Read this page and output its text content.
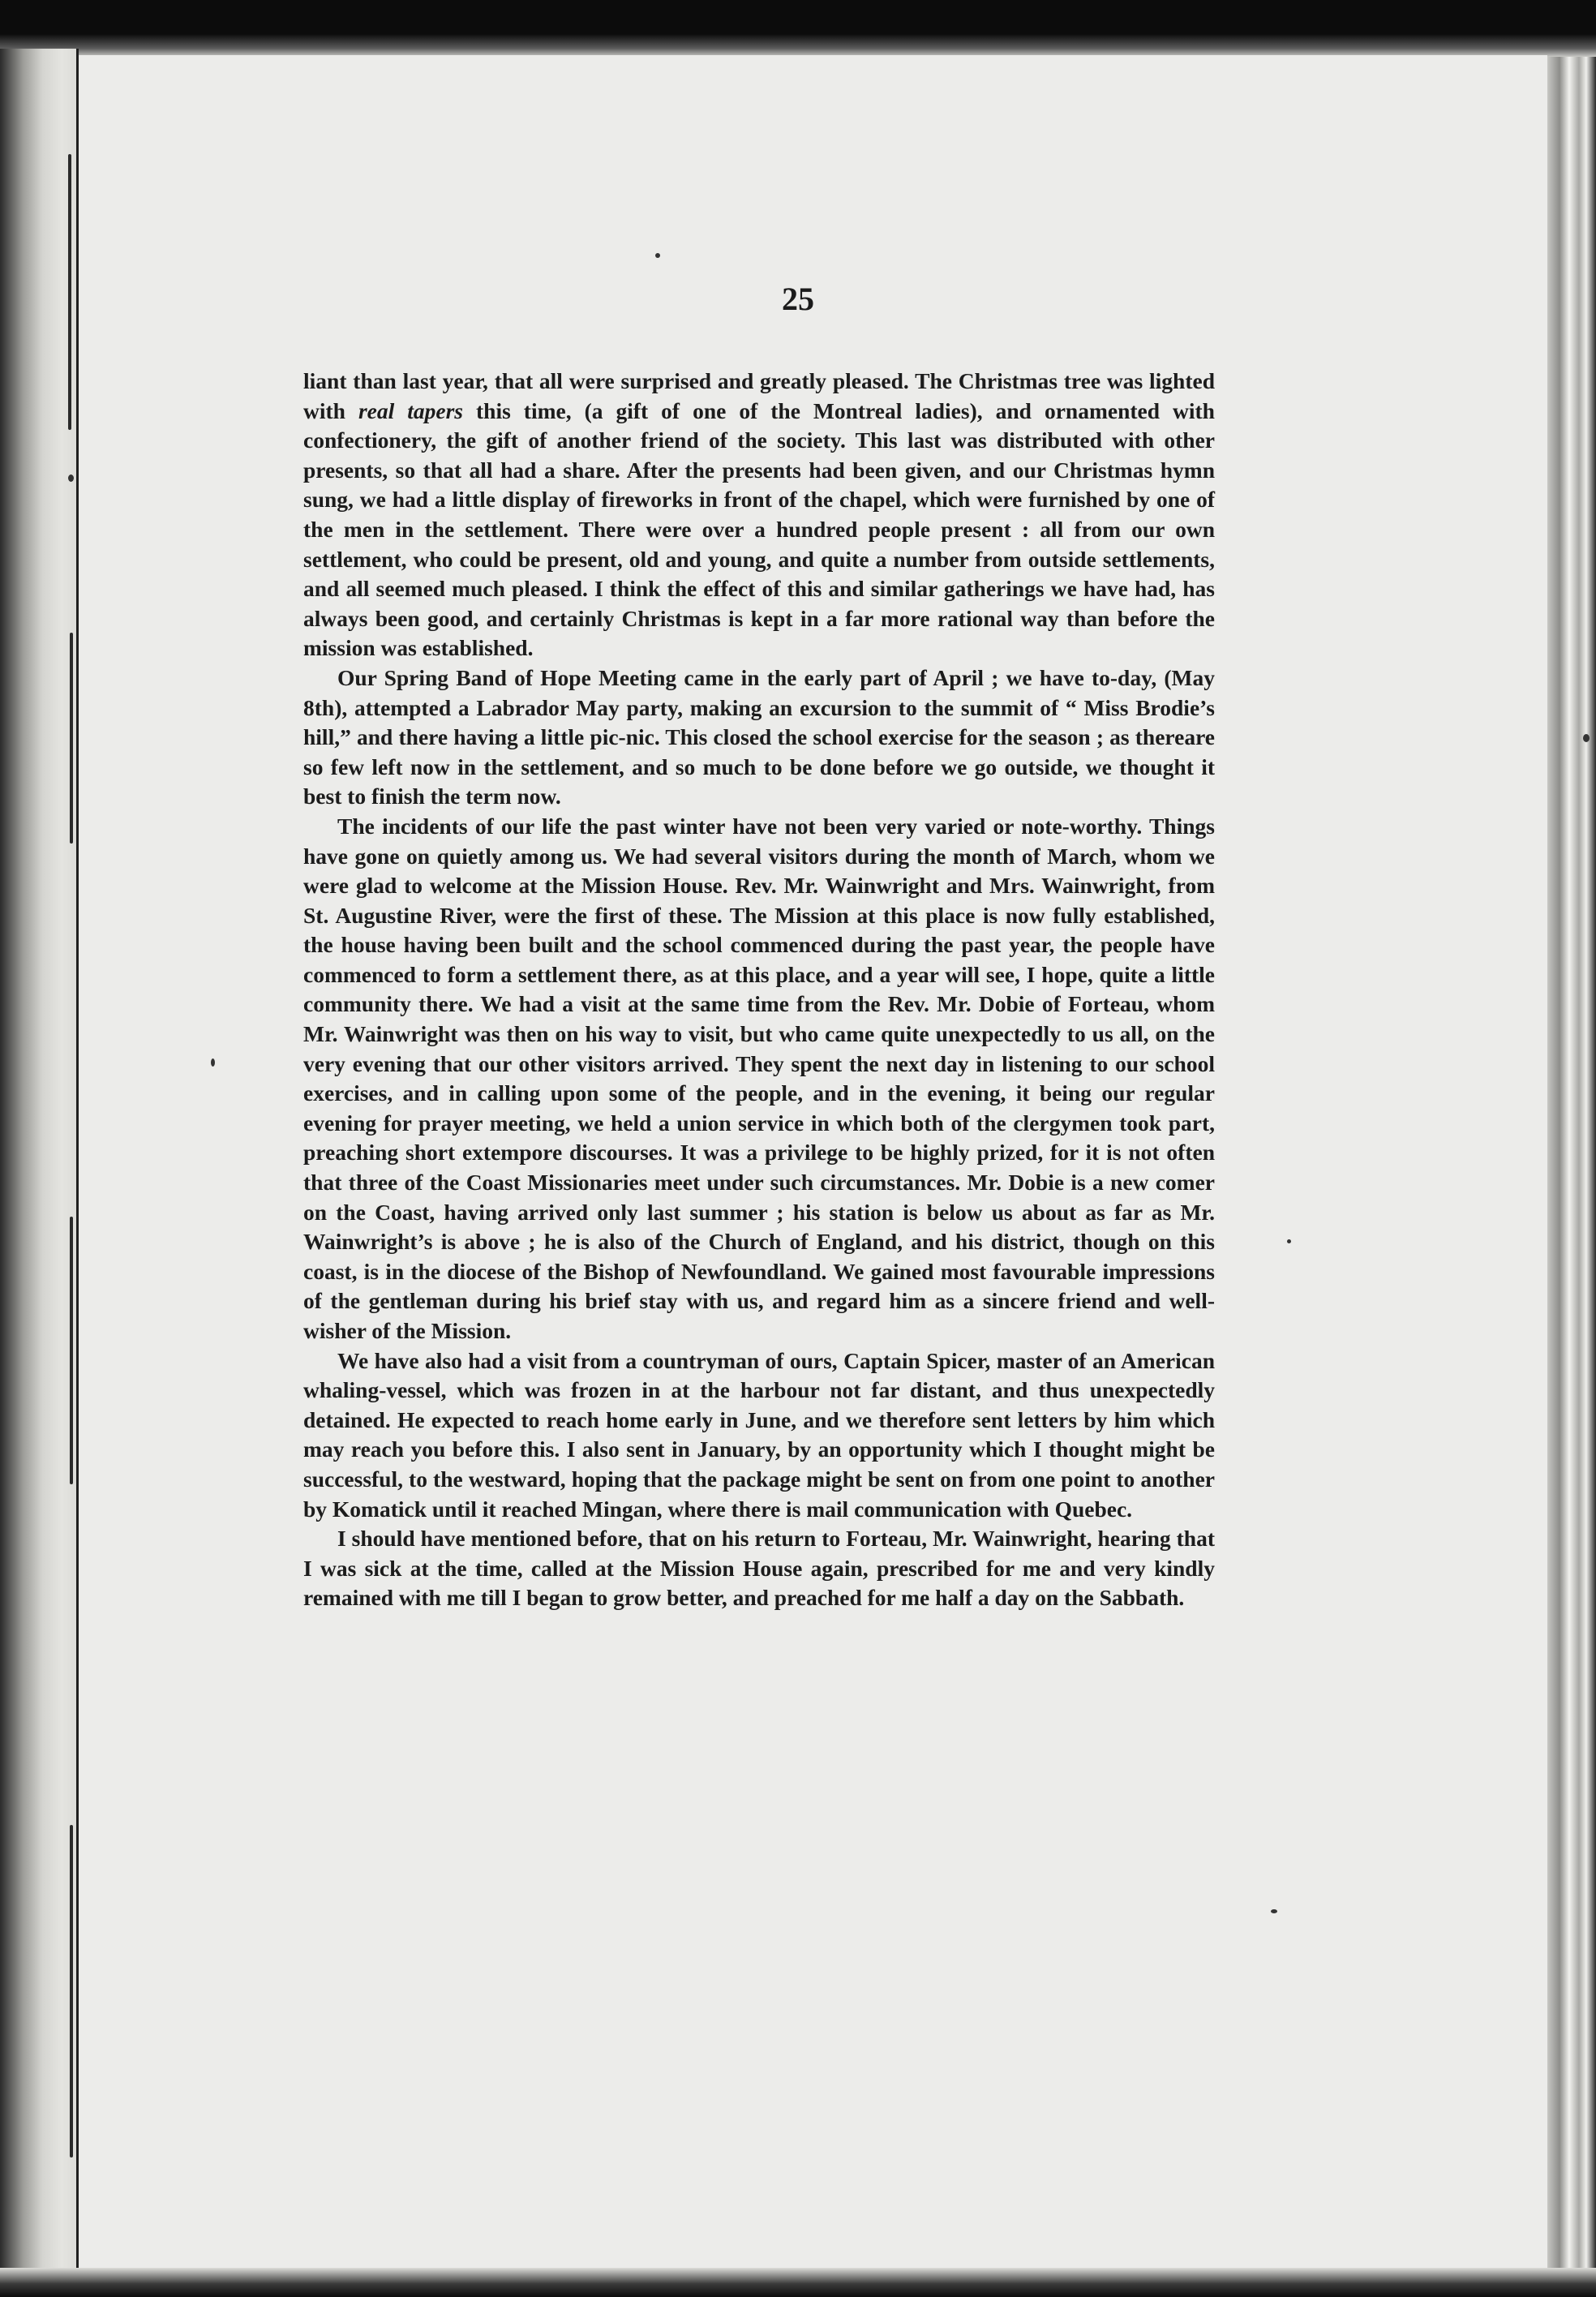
25

liant than last year, that all were surprised and greatly pleased. The Christmas tree was lighted with real tapers this time, (a gift of one of the Montreal ladies), and ornamented with confectionery, the gift of another friend of the society. This last was distributed with other presents, so that all had a share. After the presents had been given, and our Christmas hymn sung, we had a little display of fireworks in front of the chapel, which were furnished by one of the men in the settlement. There were over a hundred people present : all from our own settlement, who could be present, old and young, and quite a number from outside settlements, and all seemed much pleased. I think the effect of this and similar gatherings we have had, has always been good, and certainly Christmas is kept in a far more rational way than before the mission was established.

Our Spring Band of Hope Meeting came in the early part of April ; we have to-day, (May 8th), attempted a Labrador May party, making an excursion to the summit of “ Miss Brodie’s hill,” and there having a little pic-nic. This closed the school exercise for the season ; as thereare so few left now in the settlement, and so much to be done before we go outside, we thought it best to finish the term now.

The incidents of our life the past winter have not been very varied or note-worthy. Things have gone on quietly among us. We had several visitors during the month of March, whom we were glad to welcome at the Mission House. Rev. Mr. Wainwright and Mrs. Wainwright, from St. Augustine River, were the first of these. The Mission at this place is now fully established, the house having been built and the school commenced during the past year, the people have commenced to form a settlement there, as at this place, and a year will see, I hope, quite a little community there. We had a visit at the same time from the Rev. Mr. Dobie of Forteau, whom Mr. Wainwright was then on his way to visit, but who came quite unexpectedly to us all, on the very evening that our other visitors arrived. They spent the next day in listening to our school exercises, and in calling upon some of the people, and in the evening, it being our regular evening for prayer meeting, we held a union service in which both of the clergymen took part, preaching short extempore discourses. It was a privilege to be highly prized, for it is not often that three of the Coast Missionaries meet under such circumstances. Mr. Dobie is a new comer on the Coast, having arrived only last summer ; his station is below us about as far as Mr. Wainwright’s is above ; he is also of the Church of England, and his district, though on this coast, is in the diocese of the Bishop of Newfoundland. We gained most favourable impressions of the gentleman during his brief stay with us, and regard him as a sincere friend and well-wisher of the Mission.

We have also had a visit from a countryman of ours, Captain Spicer, master of an American whaling-vessel, which was frozen in at the harbour not far distant, and thus unexpectedly detained. He expected to reach home early in June, and we therefore sent letters by him which may reach you before this. I also sent in January, by an opportunity which I thought might be successful, to the westward, hoping that the package might be sent on from one point to another by Komatick until it reached Mingan, where there is mail communication with Quebec.

I should have mentioned before, that on his return to Forteau, Mr. Wainwright, hearing that I was sick at the time, called at the Mission House again, prescribed for me and very kindly remained with me till I began to grow better, and preached for me half a day on the Sabbath.
